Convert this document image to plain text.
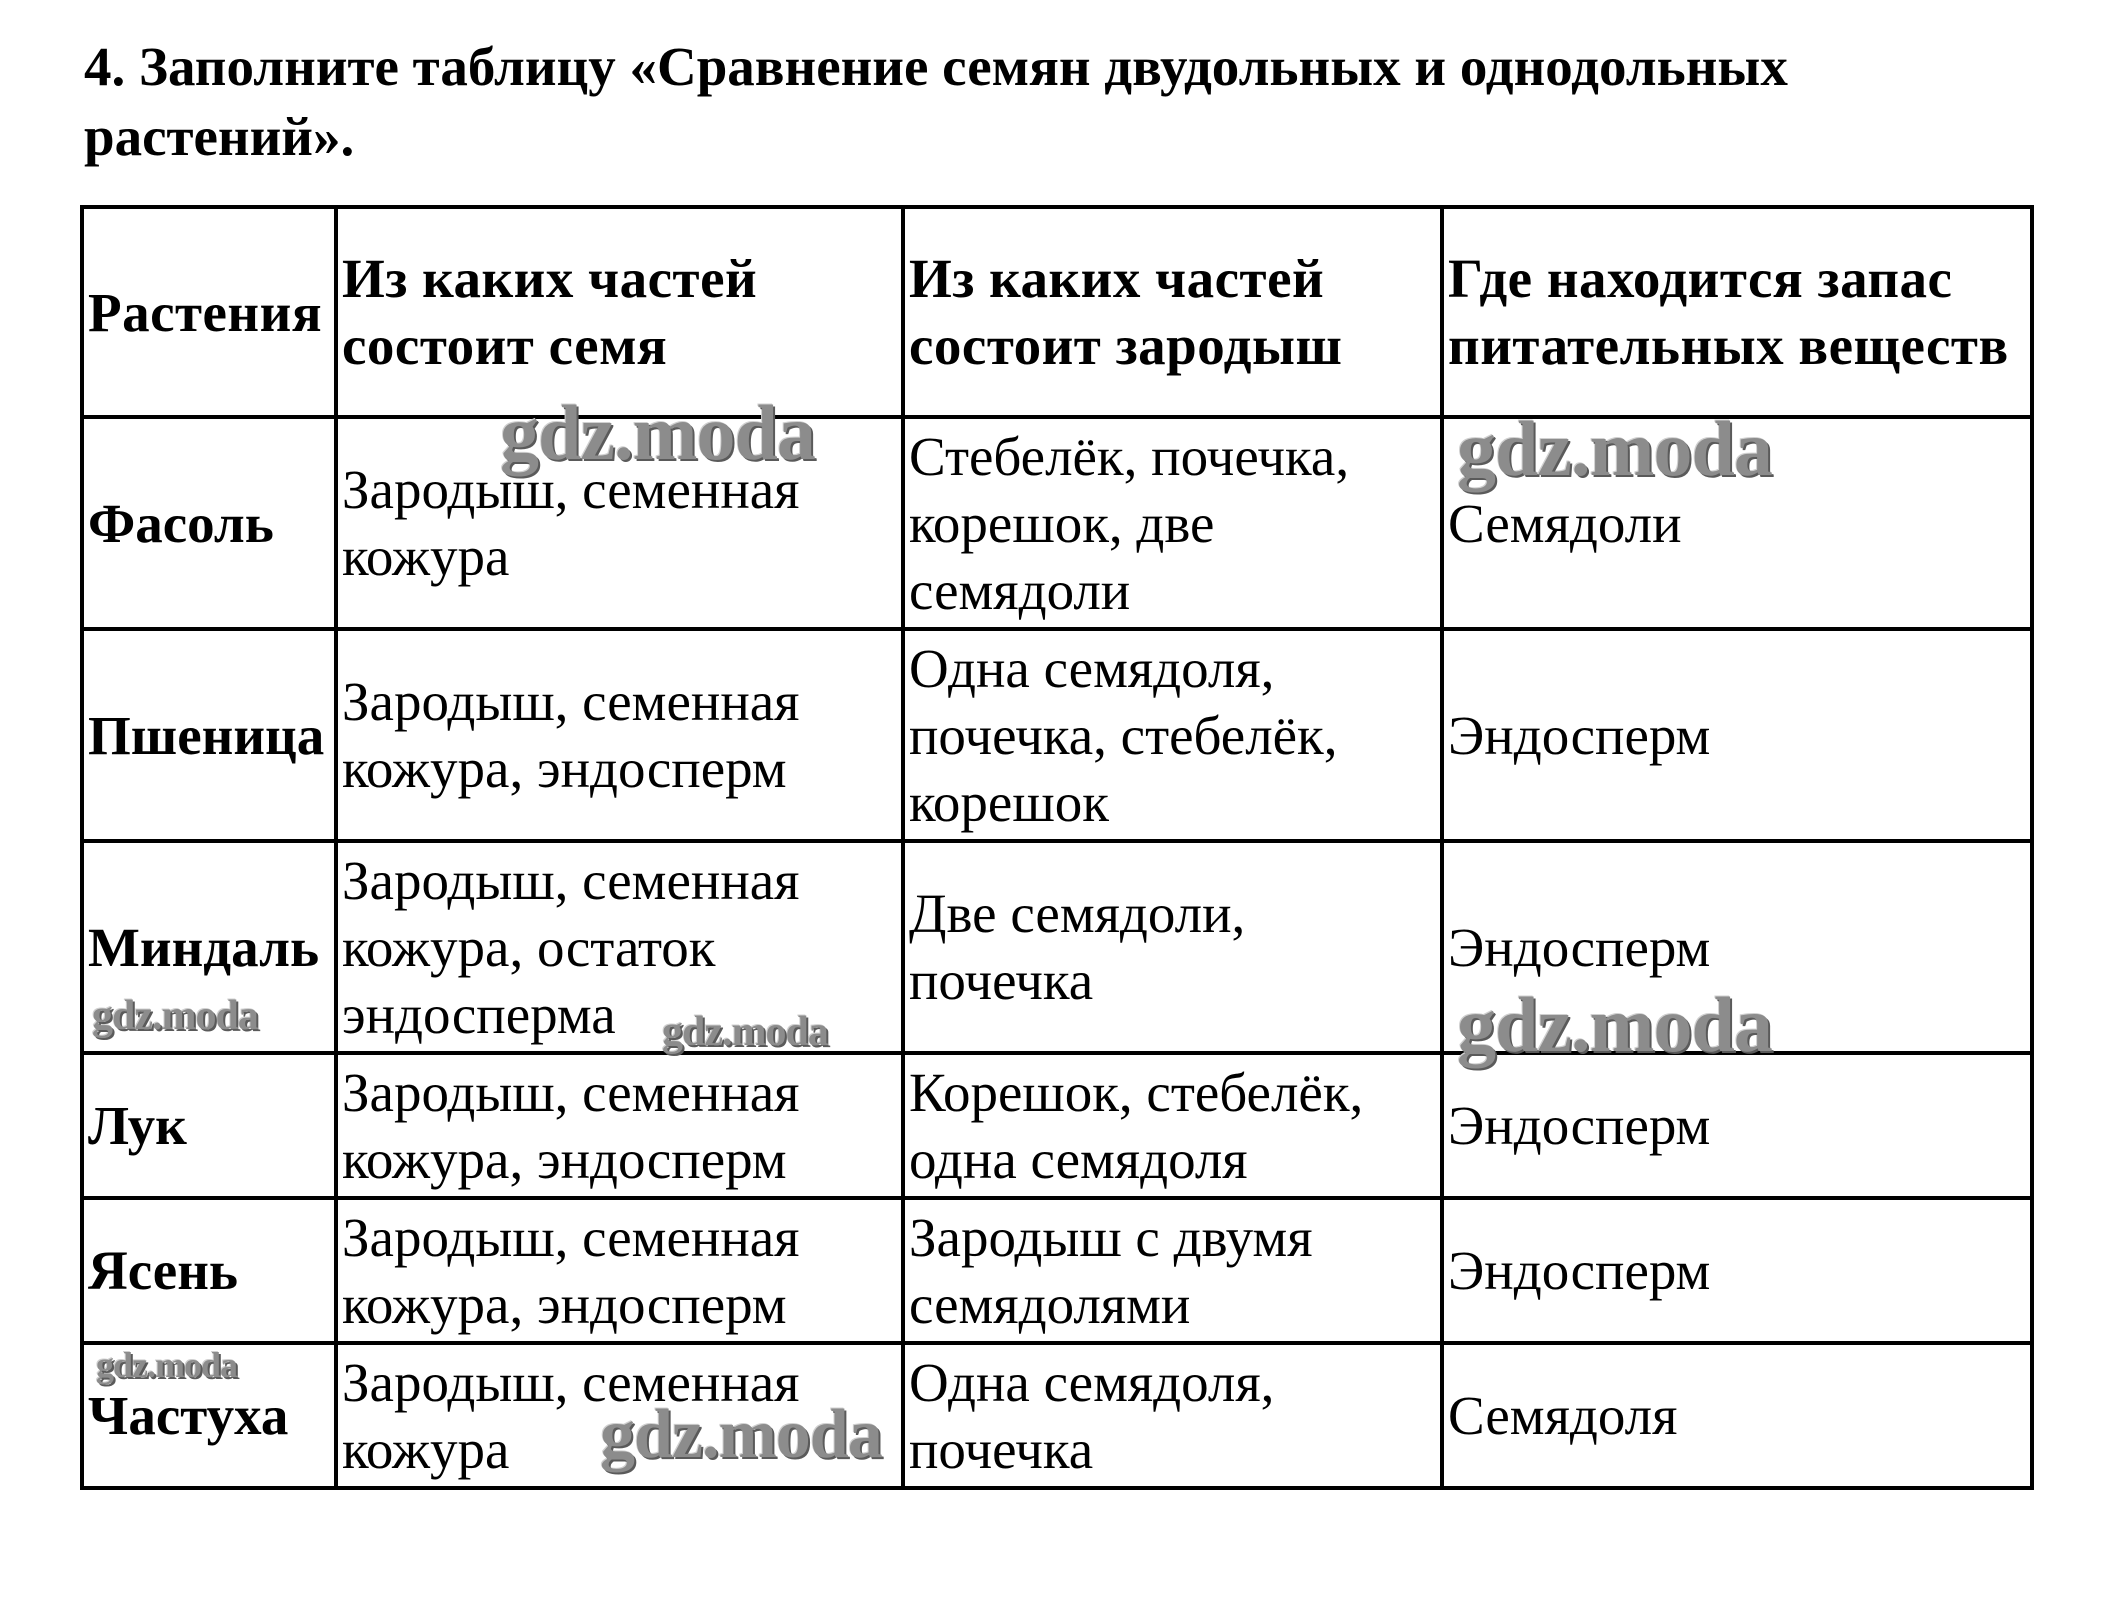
4. Заполните таблицу «Сравнение семян двудольных и однодольных растений».
Растения	Из каких частей состоит семя	Из каких частей состоит зародыш	Где находится запас питательных веществ
Фасоль	Зародыш, семенная кожура	Стебелёк, почечка, корешок, две семядоли	Семядоли
Пшеница	Зародыш, семенная кожура, эндосперм	Одна семядоля, почечка, стебелёк, корешок	Эндосперм
Миндаль	Зародыш, семенная кожура, остаток эндосперма	Две семядоли, почечка	Эндосперм
Лук	Зародыш, семенная кожура, эндосперм	Корешок, стебелёк, одна семядоля	Эндосперм
Ясень	Зародыш, семенная кожура, эндосперм	Зародыш с двумя семядолями	Эндосперм
Частуха	Зародыш, семенная кожура	Одна семядоля, почечка	Семядоля
gdz.moda	gdz.moda
gdz.moda	gdz.moda	gdz.moda
gdz.moda
gdz.moda
